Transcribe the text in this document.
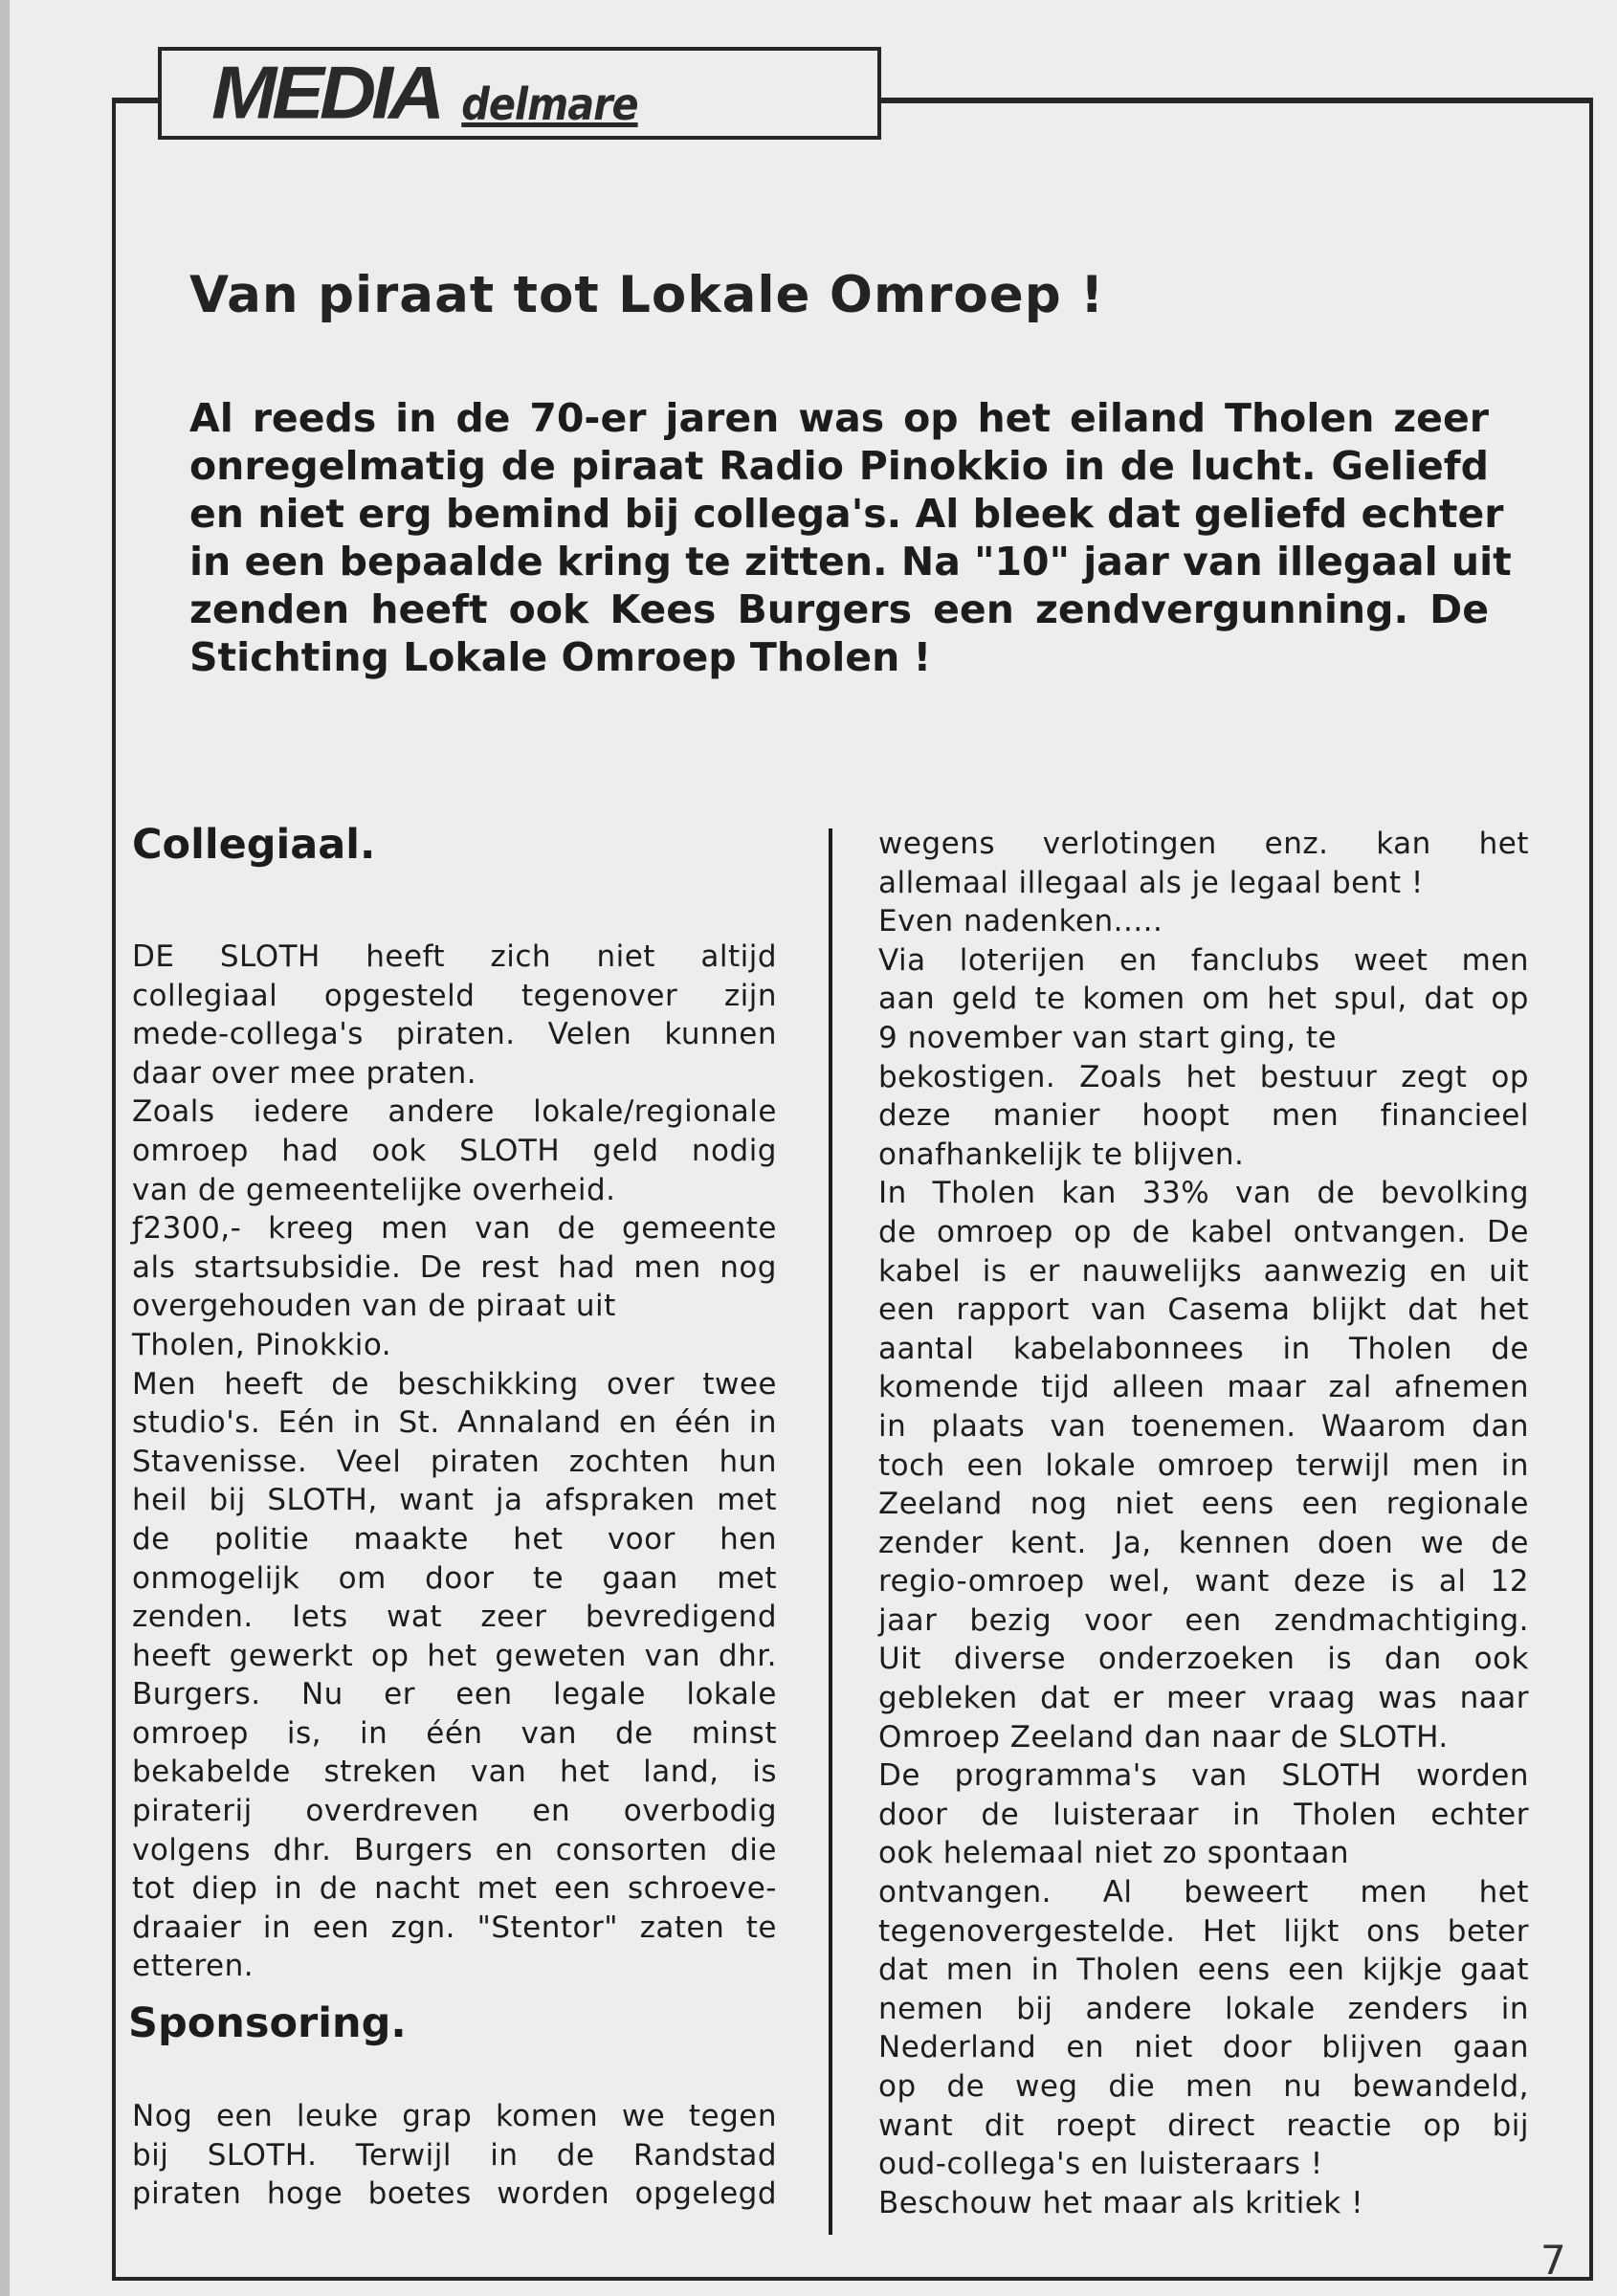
MEDIA delmare
Van piraat tot Lokale Omroep !
Al reeds in de 70-er jaren was op het eiland Tholen zeer
onregelmatig de piraat Radio Pinokkio in de lucht. Geliefd
en niet erg bemind bij collega's. Al bleek dat geliefd echter
in een bepaalde kring te zitten. Na "10" jaar van illegaal uit
zenden heeft ook Kees Burgers een zendvergunning. De
Stichting Lokale Omroep Tholen !
Collegiaal.
DE SLOTH heeft zich niet altijd
collegiaal opgesteld tegenover zijn
mede-collega's piraten. Velen kunnen
daar over mee praten.
Zoals iedere andere lokale/regionale
omroep had ook SLOTH geld nodig
van de gemeentelijke overheid.
ƒ2300,- kreeg men van de gemeente
als startsubsidie. De rest had men nog
overgehouden van de piraat uit
Tholen, Pinokkio.
Men heeft de beschikking over twee
studio's. Eén in St. Annaland en één in
Stavenisse. Veel piraten zochten hun
heil bij SLOTH, want ja afspraken met
de politie maakte het voor hen
onmogelijk om door te gaan met
zenden. Iets wat zeer bevredigend
heeft gewerkt op het geweten van dhr.
Burgers. Nu er een legale lokale
omroep is, in één van de minst
bekabelde streken van het land, is
piraterij overdreven en overbodig
volgens dhr. Burgers en consorten die
tot diep in de nacht met een schroeve-
draaier in een zgn. "Stentor" zaten te
etteren.
Sponsoring.
Nog een leuke grap komen we tegen
bij SLOTH. Terwijl in de Randstad
piraten hoge boetes worden opgelegd
wegens verlotingen enz. kan het
allemaal illegaal als je legaal bent !
Even nadenken.....
Via loterijen en fanclubs weet men
aan geld te komen om het spul, dat op
9 november van start ging, te
bekostigen. Zoals het bestuur zegt op
deze manier hoopt men financieel
onafhankelijk te blijven.
In Tholen kan 33% van de bevolking
de omroep op de kabel ontvangen. De
kabel is er nauwelijks aanwezig en uit
een rapport van Casema blijkt dat het
aantal kabelabonnees in Tholen de
komende tijd alleen maar zal afnemen
in plaats van toenemen. Waarom dan
toch een lokale omroep terwijl men in
Zeeland nog niet eens een regionale
zender kent. Ja, kennen doen we de
regio-omroep wel, want deze is al 12
jaar bezig voor een zendmachtiging.
Uit diverse onderzoeken is dan ook
gebleken dat er meer vraag was naar
Omroep Zeeland dan naar de SLOTH.
De programma's van SLOTH worden
door de luisteraar in Tholen echter
ook helemaal niet zo spontaan
ontvangen. Al beweert men het
tegenovergestelde. Het lijkt ons beter
dat men in Tholen eens een kijkje gaat
nemen bij andere lokale zenders in
Nederland en niet door blijven gaan
op de weg die men nu bewandeld,
want dit roept direct reactie op bij
oud-collega's en luisteraars !
Beschouw het maar als kritiek !
7
